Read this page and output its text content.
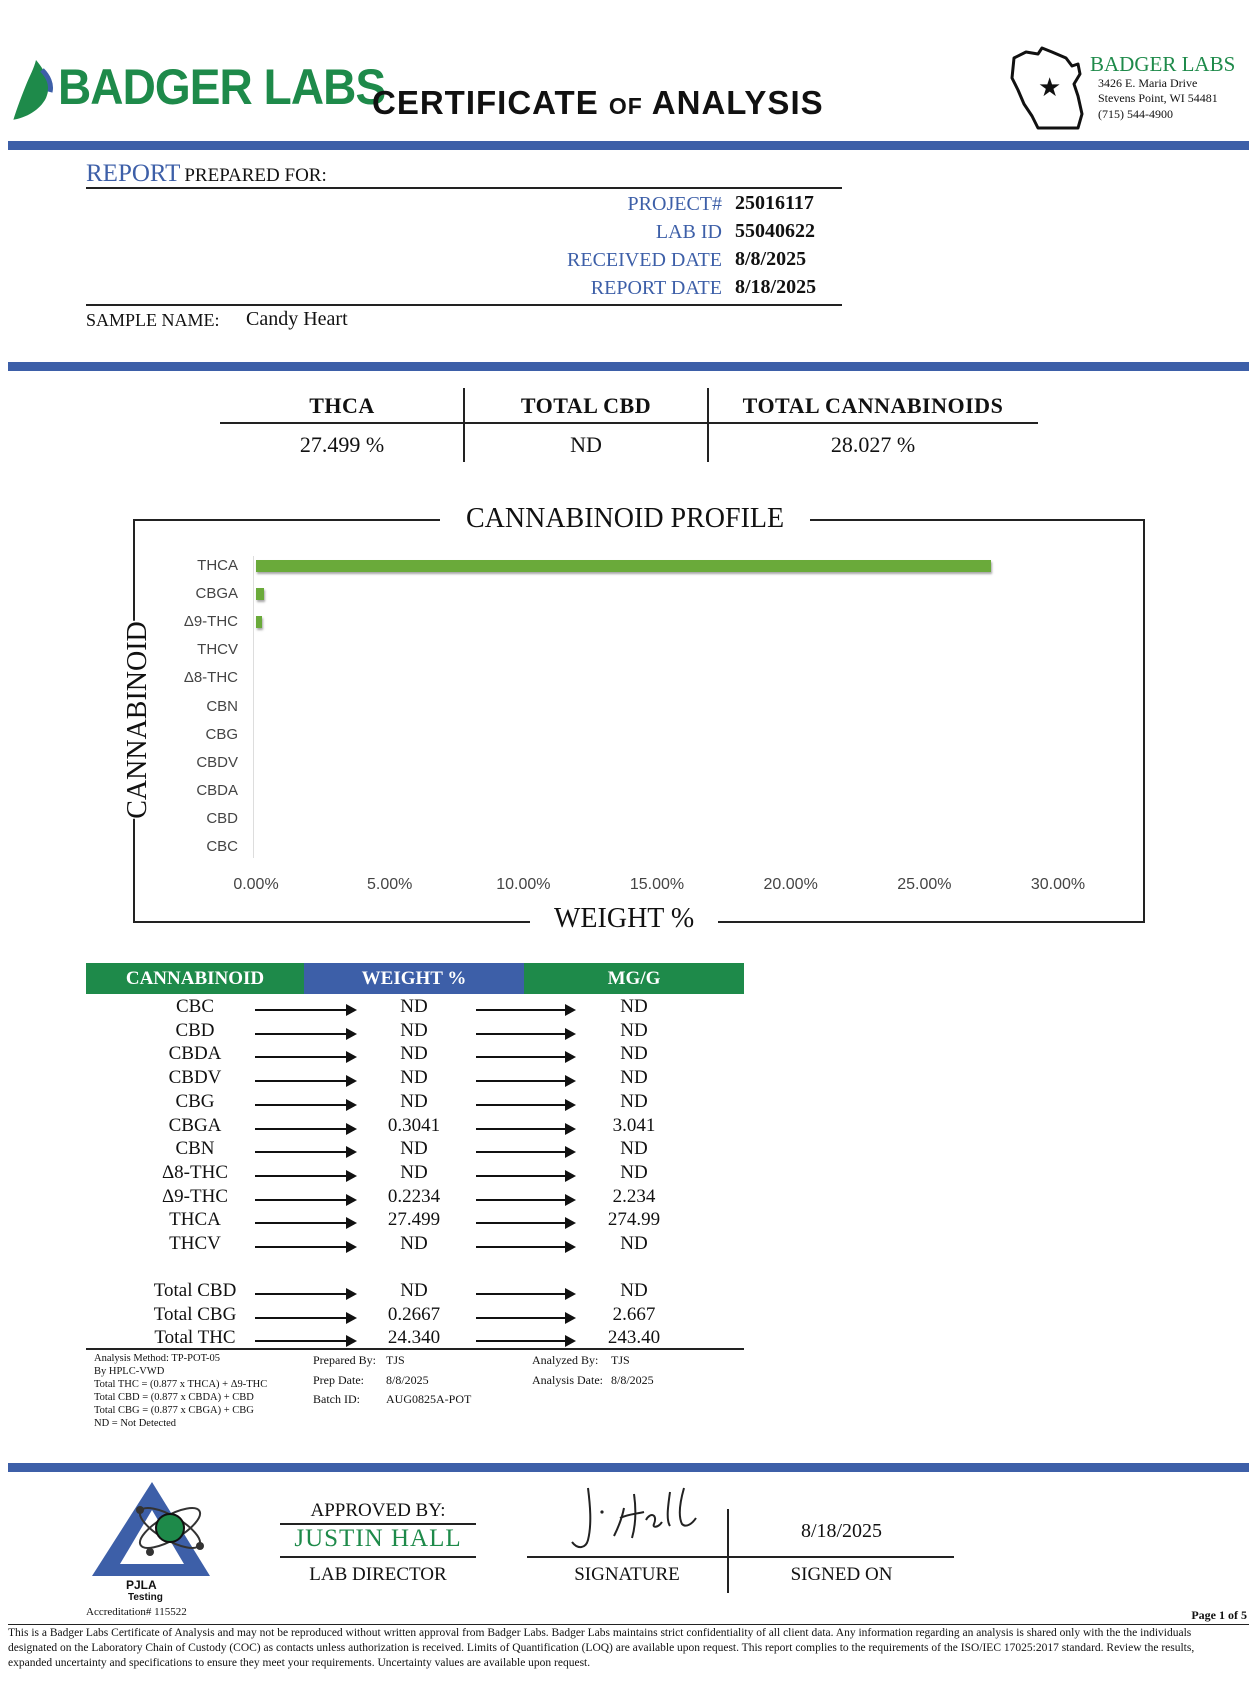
BADGER LABS
CERTIFICATE OF ANALYSIS	★
BADGER LABS
3426 E. Maria Drive
Stevens Point, WI 54481
(715) 544-4900
REPORT PREPARED FOR:
PROJECT# 25016117
LAB ID 55040622
RECEIVED DATE 8/8/2025
REPORT DATE 8/18/2025
SAMPLE NAME: Candy Heart
THCA	TOTAL CBD	TOTAL CANNABINOIDS
27.499 %	ND	28.027 %
CANNABINOID PROFILE
WEIGHT %
CANNABINOID
THCA
CBGA
Δ9-THC
THCV
Δ8-THC
CBN
CBG
CBDV
CBDA
CBD
CBC
0.00%	5.00%	10.00%	15.00%	20.00%	25.00%	30.00%
CANNABINOID	WEIGHT %	MG/G
CBC	ND	ND
CBD	ND	ND
CBDA	ND	ND
CBDV	ND	ND
CBG	ND	ND
CBGA	0.3041	3.041
CBN	ND	ND
Δ8-THC	ND	ND
Δ9-THC	0.2234	2.234
THCA	27.499	274.99
THCV	ND	ND
Total CBD	ND	ND
Total CBG	0.2667	2.667
Total THC	24.340	243.40
Analysis Method: TP-POT-05
By HPLC-VWD
Total THC = (0.877 x THCA) + Δ9-THC
Total CBD = (0.877 x CBDA) + CBD
Total CBG = (0.877 x CBGA) + CBG
ND = Not Detected
Prepared By: TJS
Prep Date: 8/8/2025
Batch ID: AUG0825A-POT
Analyzed By: TJS
Analysis Date: 8/8/2025
PJLA
Testing
Accreditation# 115522
APPROVED BY:
JUSTIN HALL
LAB DIRECTOR	SIGNATURE
8/18/2025
SIGNED ON
Page 1 of 5
This is a Badger Labs Certificate of Analysis and may not be reproduced without written approval from Badger Labs. Badger Labs maintains strict confidentiality of all client data. Any information regarding an analysis is shared only with the the individuals designated on the Laboratory Chain of Custody (COC) as contacts unless authorization is received. Limits of Quantification (LOQ) are available upon request. This report complies to the requirements of the ISO/IEC 17025:2017 standard. Review the results, expanded uncertainty and specifications to ensure they meet your requirements. Uncertainty values are available upon request.
